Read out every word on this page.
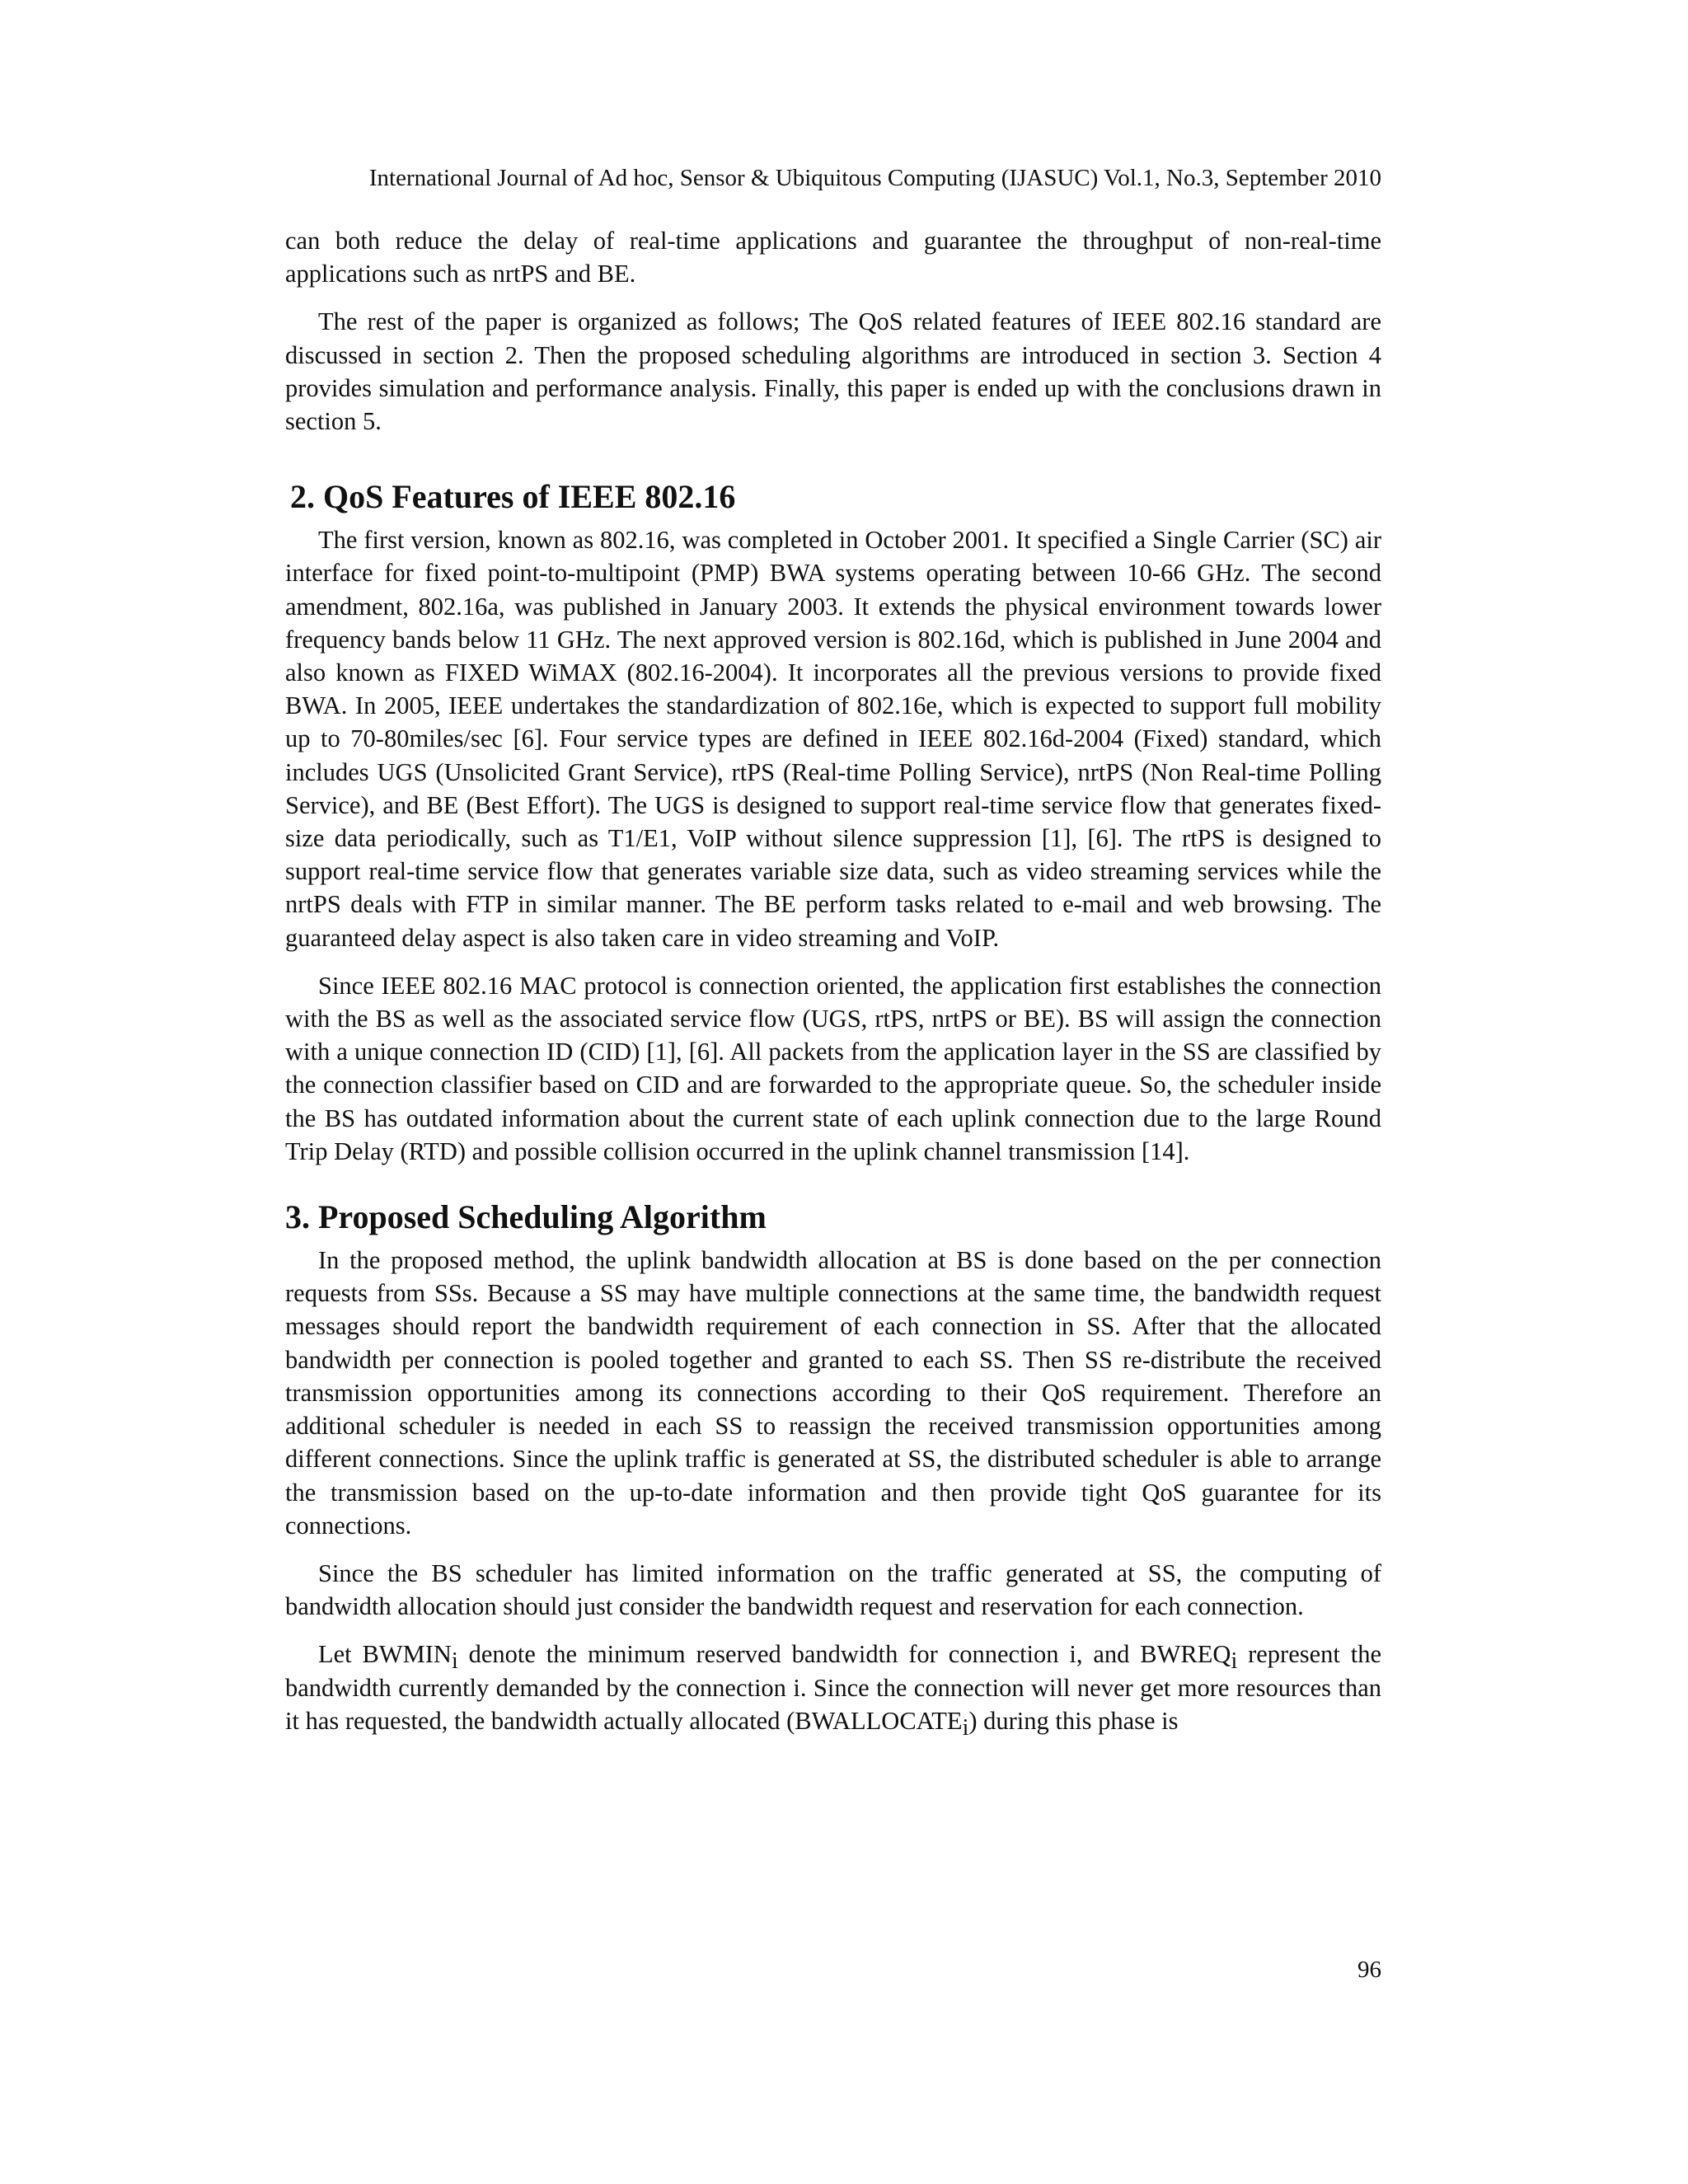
International Journal of Ad hoc, Sensor & Ubiquitous Computing (IJASUC) Vol.1, No.3, September 2010

can both reduce the delay of real-time applications and guarantee the throughput of non-real-time applications such as nrtPS and BE.

The rest of the paper is organized as follows; The QoS related features of IEEE 802.16 standard are discussed in section 2. Then the proposed scheduling algorithms are introduced in section 3. Section 4 provides simulation and performance analysis. Finally, this paper is ended up with the conclusions drawn in section 5.

2. QoS Features of IEEE 802.16

The first version, known as 802.16, was completed in October 2001. It specified a Single Carrier (SC) air interface for fixed point-to-multipoint (PMP) BWA systems operating between 10-66 GHz. The second amendment, 802.16a, was published in January 2003. It extends the physical environment towards lower frequency bands below 11 GHz. The next approved version is 802.16d, which is published in June 2004 and also known as FIXED WiMAX (802.16-2004). It incorporates all the previous versions to provide fixed BWA. In 2005, IEEE undertakes the standardization of 802.16e, which is expected to support full mobility up to 70-80miles/sec [6]. Four service types are defined in IEEE 802.16d-2004 (Fixed) standard, which includes UGS (Unsolicited Grant Service), rtPS (Real-time Polling Service), nrtPS (Non Real-time Polling Service), and BE (Best Effort). The UGS is designed to support real-time service flow that generates fixed-size data periodically, such as T1/E1, VoIP without silence suppression [1], [6]. The rtPS is designed to support real-time service flow that generates variable size data, such as video streaming services while the nrtPS deals with FTP in similar manner. The BE perform tasks related to e-mail and web browsing. The guaranteed delay aspect is also taken care in video streaming and VoIP.

Since IEEE 802.16 MAC protocol is connection oriented, the application first establishes the connection with the BS as well as the associated service flow (UGS, rtPS, nrtPS or BE). BS will assign the connection with a unique connection ID (CID) [1], [6]. All packets from the application layer in the SS are classified by the connection classifier based on CID and are forwarded to the appropriate queue. So, the scheduler inside the BS has outdated information about the current state of each uplink connection due to the large Round Trip Delay (RTD) and possible collision occurred in the uplink channel transmission [14].

3. Proposed Scheduling Algorithm

In the proposed method, the uplink bandwidth allocation at BS is done based on the per connection requests from SSs. Because a SS may have multiple connections at the same time, the bandwidth request messages should report the bandwidth requirement of each connection in SS. After that the allocated bandwidth per connection is pooled together and granted to each SS. Then SS re-distribute the received transmission opportunities among its connections according to their QoS requirement. Therefore an additional scheduler is needed in each SS to reassign the received transmission opportunities among different connections. Since the uplink traffic is generated at SS, the distributed scheduler is able to arrange the transmission based on the up-to-date information and then provide tight QoS guarantee for its connections.

Since the BS scheduler has limited information on the traffic generated at SS, the computing of bandwidth allocation should just consider the bandwidth request and reservation for each connection.

Let BWMINi denote the minimum reserved bandwidth for connection i, and BWREQi represent the bandwidth currently demanded by the connection i. Since the connection will never get more resources than it has requested, the bandwidth actually allocated (BWALLOCATEi) during this phase is

96
